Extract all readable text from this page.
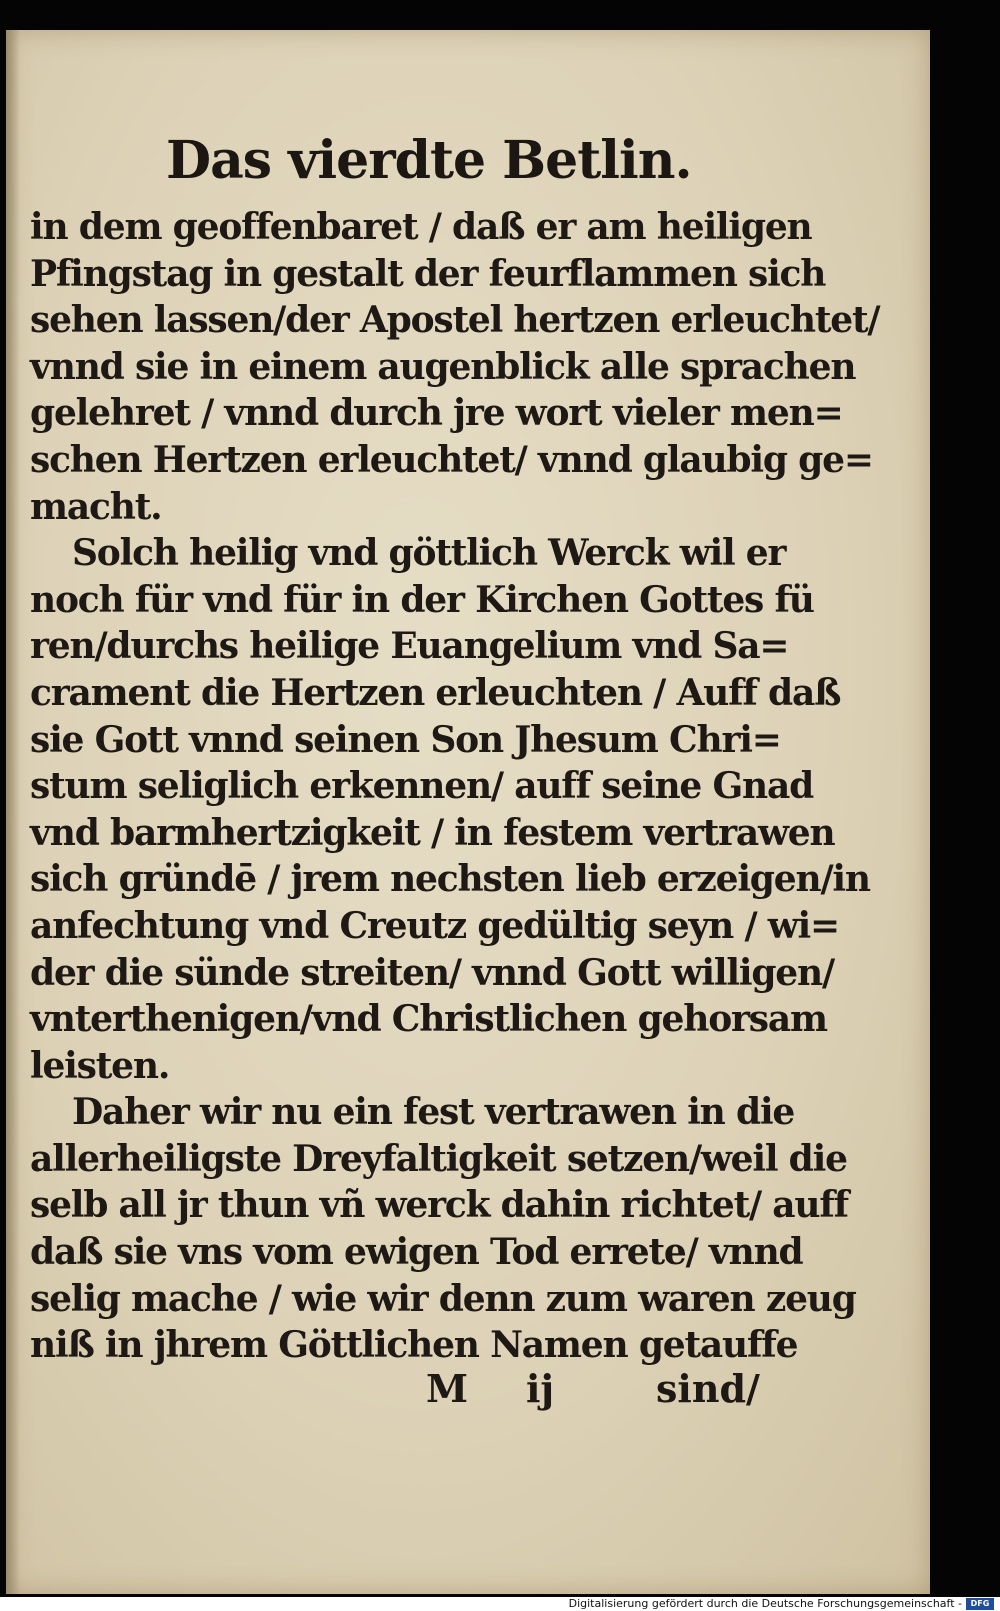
Das vierdte Betlin.
in dem geoffenbaret / daß er am heiligen
Pfingstag in gestalt der feurflammen sich
sehen lassen/der Apostel hertzen erleuchtet/
vnnd sie in einem augenblick alle sprachen
gelehret / vnnd durch jre wort vieler men=
schen Hertzen erleuchtet/ vnnd glaubig ge=
macht.
Solch heilig vnd göttlich Werck wil er
noch für vnd für in der Kirchen Gottes fü
ren/durchs heilige Euangelium vnd Sa=
crament die Hertzen erleuchten / Auff daß
sie Gott vnnd seinen Son Jhesum Chri=
stum seliglich erkennen/ auff seine Gnad
vnd barmhertzigkeit / in festem vertrawen
sich gründē / jrem nechsten lieb erzeigen/in
anfechtung vnd Creutz gedültig seyn / wi=
der die sünde streiten/ vnnd Gott willigen/
vnterthenigen/vnd Christlichen gehorsam
leisten.
Daher wir nu ein fest vertrawen in die
allerheiligste Dreyfaltigkeit setzen/weil die
selb all jr thun vñ werck dahin richtet/ auff
daß sie vns vom ewigen Tod errete/ vnnd
selig mache / wie wir denn zum waren zeug
niß in jhrem Göttlichen Namen getauffe
M ij	sind/
Digitalisierung gefördert durch die Deutsche Forschungsgemeinschaft -	DFG
